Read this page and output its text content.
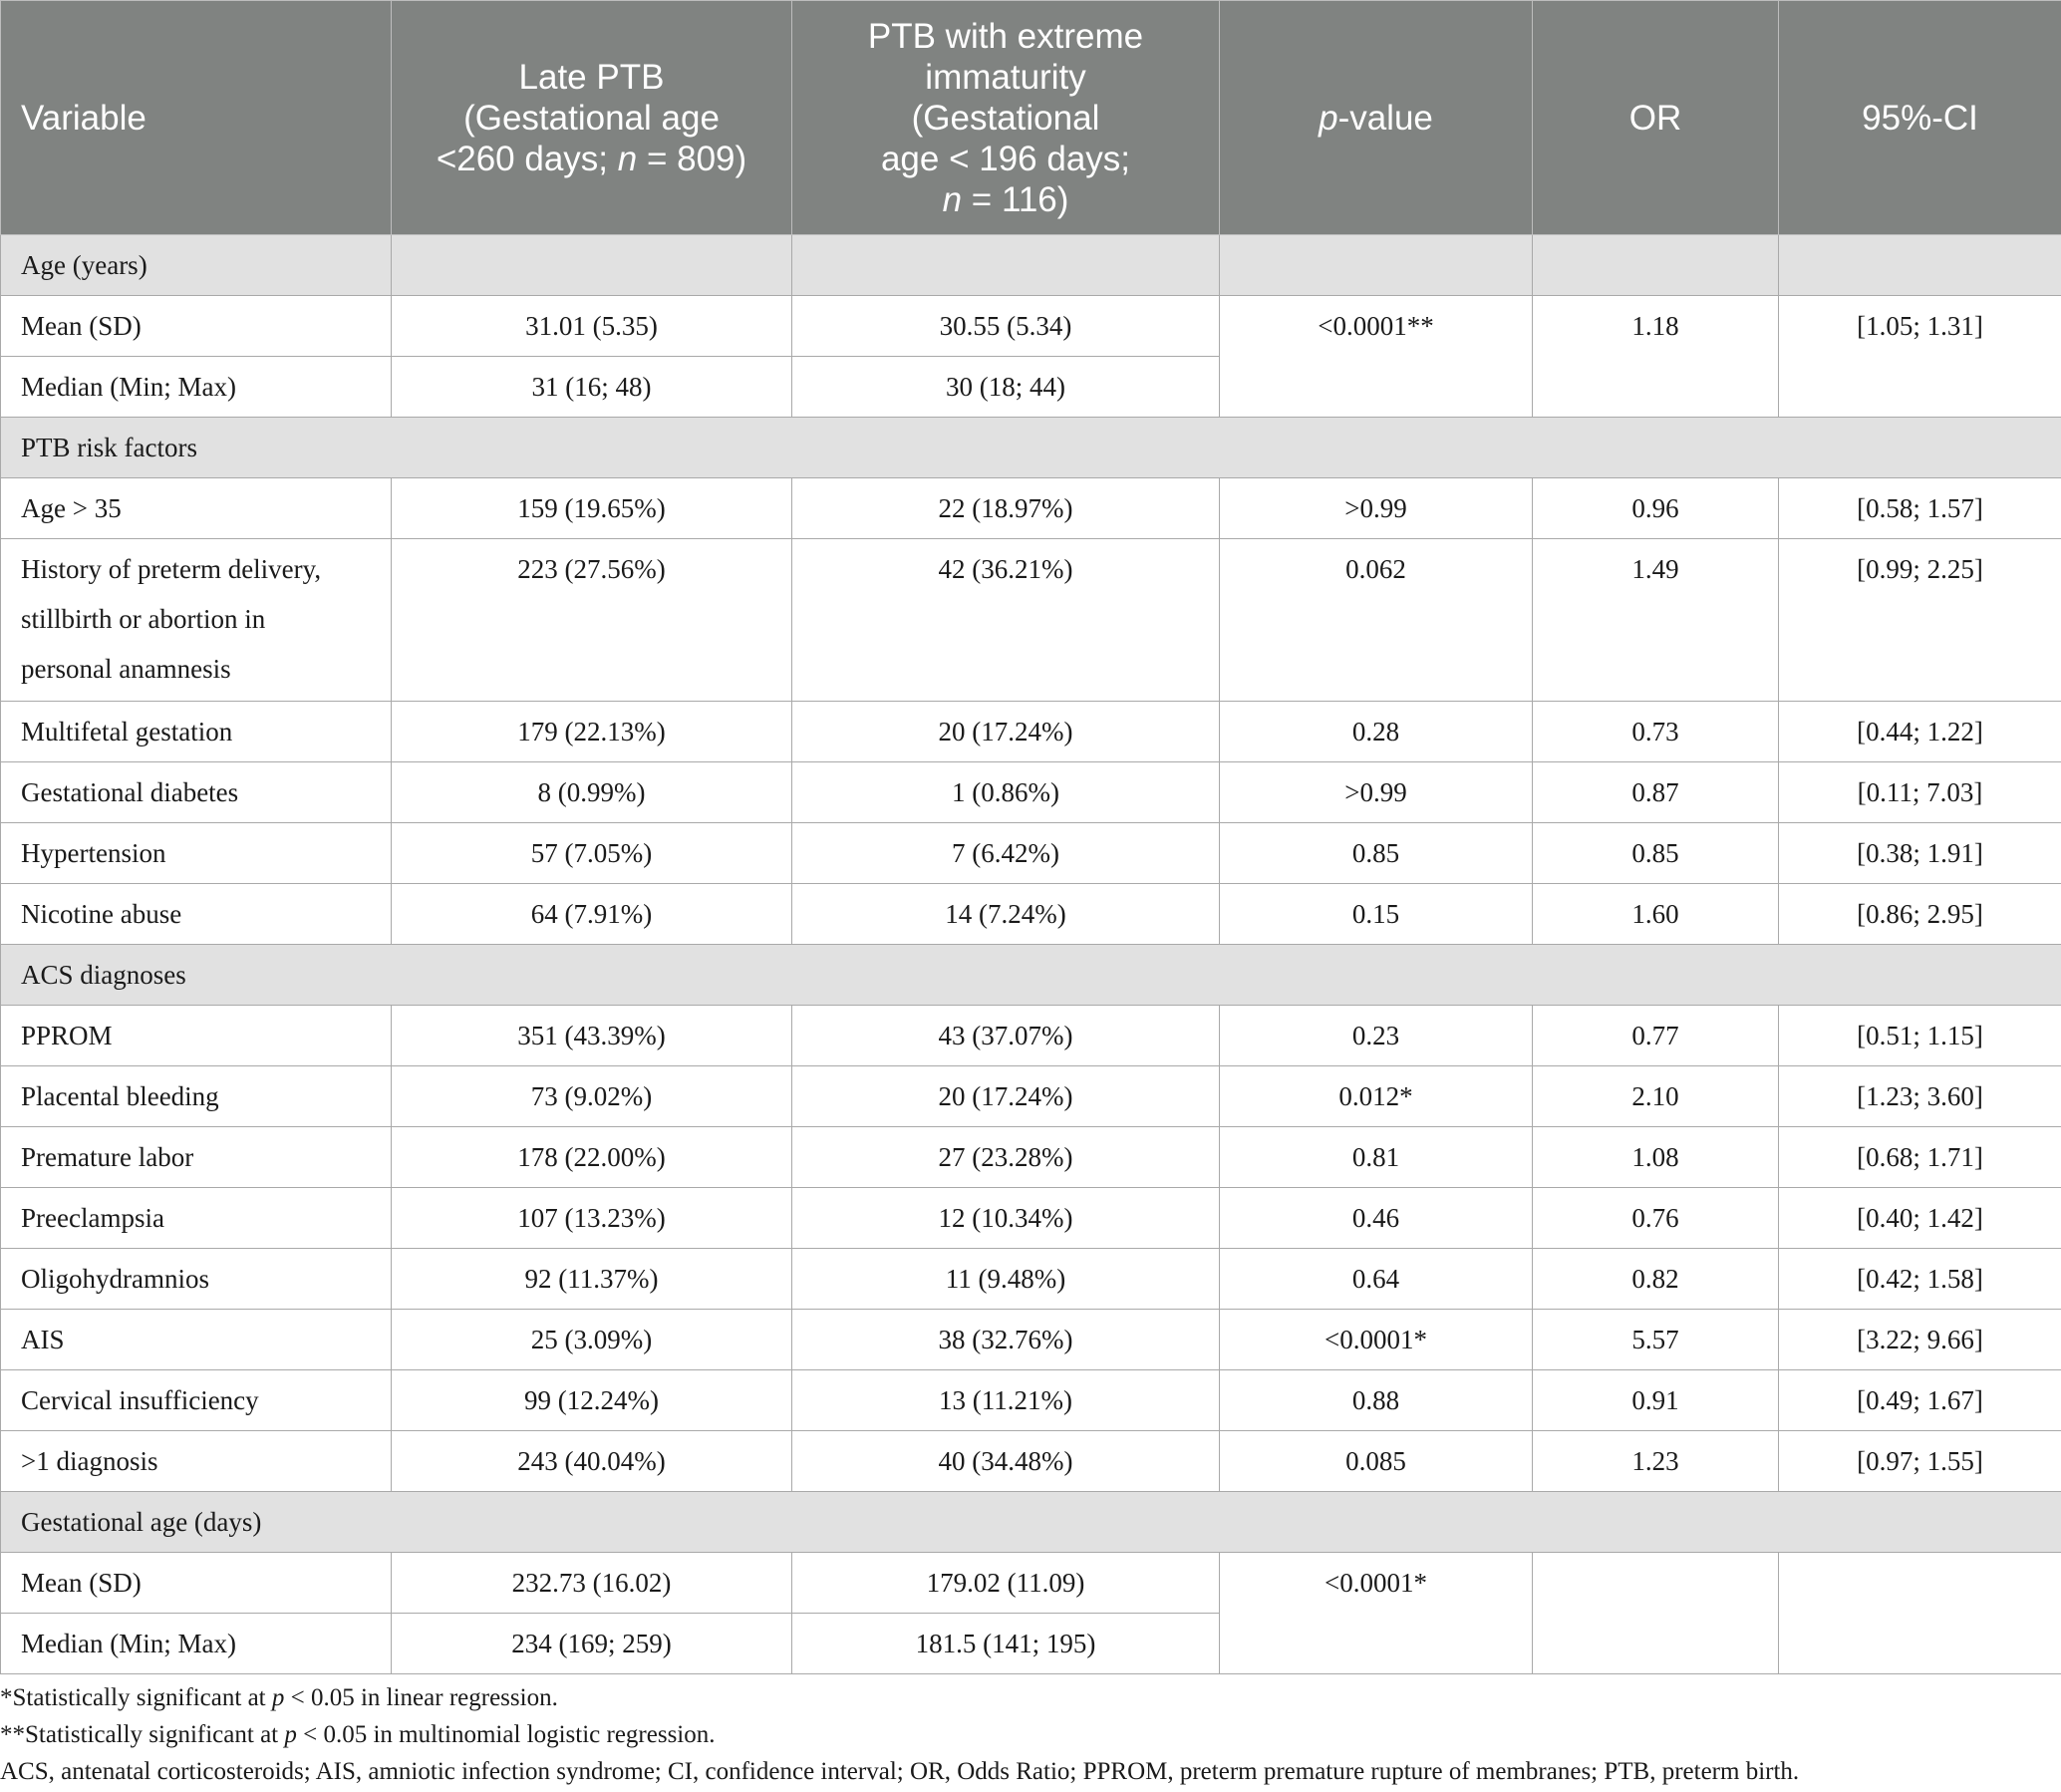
Variable	Late PTB
(Gestational age
<260 days; n = 809)	PTB with extreme
immaturity
(Gestational
age < 196 days;
n = 116)	p-value	OR	95%-CI
Age (years)					
Mean (SD)	31.01 (5.35)	30.55 (5.34)	<0.0001**	1.18	[1.05; 1.31]
Median (Min; Max)	31 (16; 48)	30 (18; 44)			
PTB risk factors					
Age > 35	159 (19.65%)	22 (18.97%)	>0.99	0.96	[0.58; 1.57]
History of preterm delivery,
stillbirth or abortion in
personal anamnesis	223 (27.56%)	42 (36.21%)	0.062	1.49	[0.99; 2.25]
Multifetal gestation	179 (22.13%)	20 (17.24%)	0.28	0.73	[0.44; 1.22]
Gestational diabetes	8 (0.99%)	1 (0.86%)	>0.99	0.87	[0.11; 7.03]
Hypertension	57 (7.05%)	7 (6.42%)	0.85	0.85	[0.38; 1.91]
Nicotine abuse	64 (7.91%)	14 (7.24%)	0.15	1.60	[0.86; 2.95]
ACS diagnoses					
PPROM	351 (43.39%)	43 (37.07%)	0.23	0.77	[0.51; 1.15]
Placental bleeding	73 (9.02%)	20 (17.24%)	0.012*	2.10	[1.23; 3.60]
Premature labor	178 (22.00%)	27 (23.28%)	0.81	1.08	[0.68; 1.71]
Preeclampsia	107 (13.23%)	12 (10.34%)	0.46	0.76	[0.40; 1.42]
Oligohydramnios	92 (11.37%)	11 (9.48%)	0.64	0.82	[0.42; 1.58]
AIS	25 (3.09%)	38 (32.76%)	<0.0001*	5.57	[3.22; 9.66]
Cervical insufficiency	99 (12.24%)	13 (11.21%)	0.88	0.91	[0.49; 1.67]
>1 diagnosis	243 (40.04%)	40 (34.48%)	0.085	1.23	[0.97; 1.55]
Gestational age (days)					
Mean (SD)	232.73 (16.02)	179.02 (11.09)	<0.0001*		
Median (Min; Max)	234 (169; 259)	181.5 (141; 195)			
*Statistically significant at p < 0.05 in linear regression.
**Statistically significant at p < 0.05 in multinomial logistic regression.
ACS, antenatal corticosteroids; AIS, amniotic infection syndrome; CI, confidence interval; OR, Odds Ratio; PPROM, preterm premature rupture of membranes; PTB, preterm birth.
